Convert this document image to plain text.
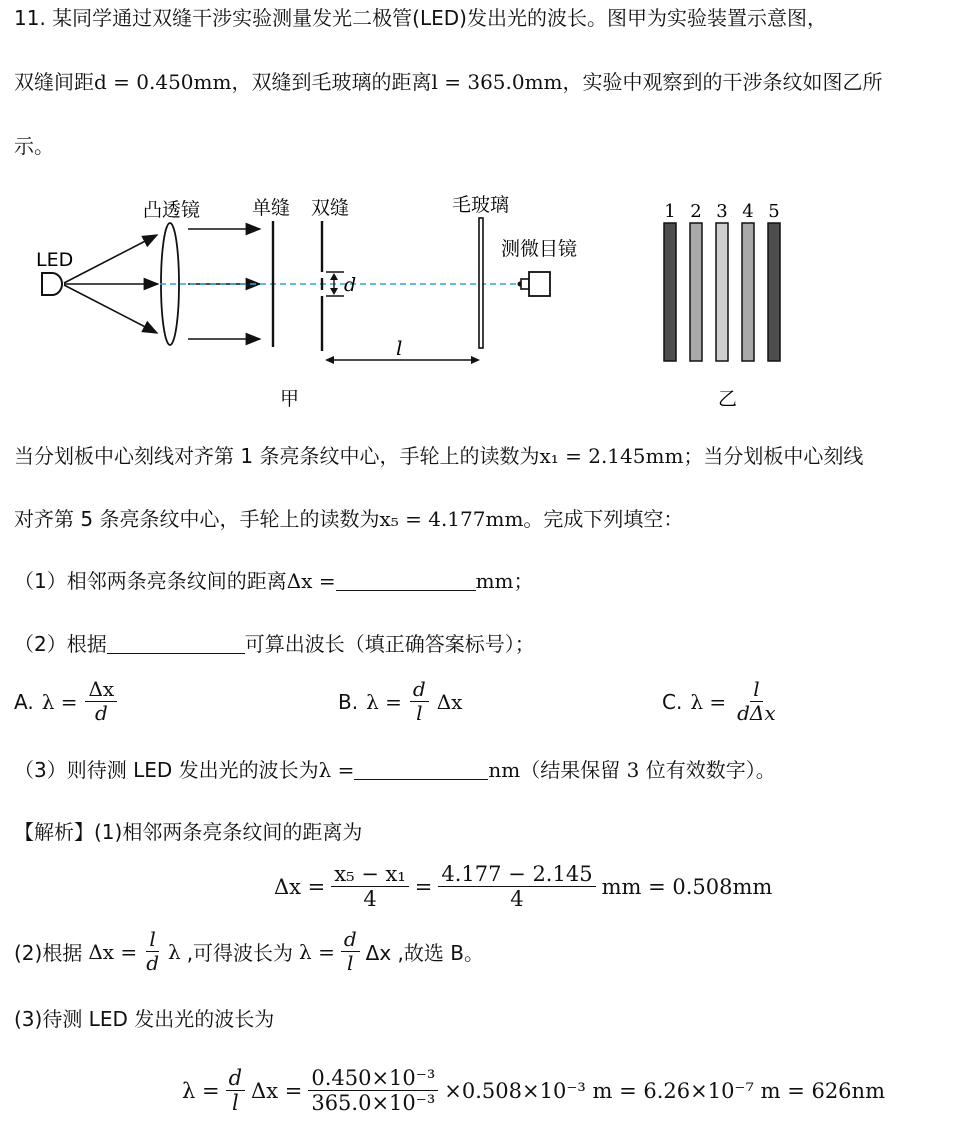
11. 某同学通过双缝干涉实验测量发光二极管(LED)发出光的波长。图甲为实验装置示意图，
双缝间距d = 0.450mm，双缝到毛玻璃的距离l = 365.0mm，实验中观察到的干涉条纹如图乙所
示。
LED
凸透镜	单缝 双缝	毛玻璃
测微目镜
d
l
甲
1 2 3 4 5
乙
当分划板中心刻线对齐第 1 条亮条纹中心，手轮上的读数为x₁ = 2.145mm；当分划板中心刻线
对齐第 5 条亮条纹中心，手轮上的读数为x₅ = 4.177mm。完成下列填空：
（1）相邻两条亮条纹间的距离Δx =	mm；
（2）根据	可算出波长（填正确答案标号）；
A. $\lambda = \frac{\Delta x}{d}$	B. $\lambda = \frac{d}{l}$ Δx	C. $\lambda = \frac{l}{\text{dΔx}}$
（3）则待测 LED 发出光的波长为λ =	nm（结果保留 3 位有效数字）。
【解析】(1)相邻两条亮条纹间的距离为
$\Delta x = \frac{\text{x₅ − x₁}}{4} = \frac{4.177 - 2.145}{4}$ mm = 0.508mm
(2)根据 $\Delta x = \frac{l}{d}$ λ ,可得波长为 $\lambda = \frac{d}{l}$ Δx ,故选 B。
(3)待测 LED 发出光的波长为
$\lambda = \frac{d}{l}$ $\Delta x = \frac{\text{0.450×10⁻³}}{\text{365.0×10⁻³}} \times 0.508\times 10^{-3}$ m = 6.26×10⁻⁷ m = 626nm
